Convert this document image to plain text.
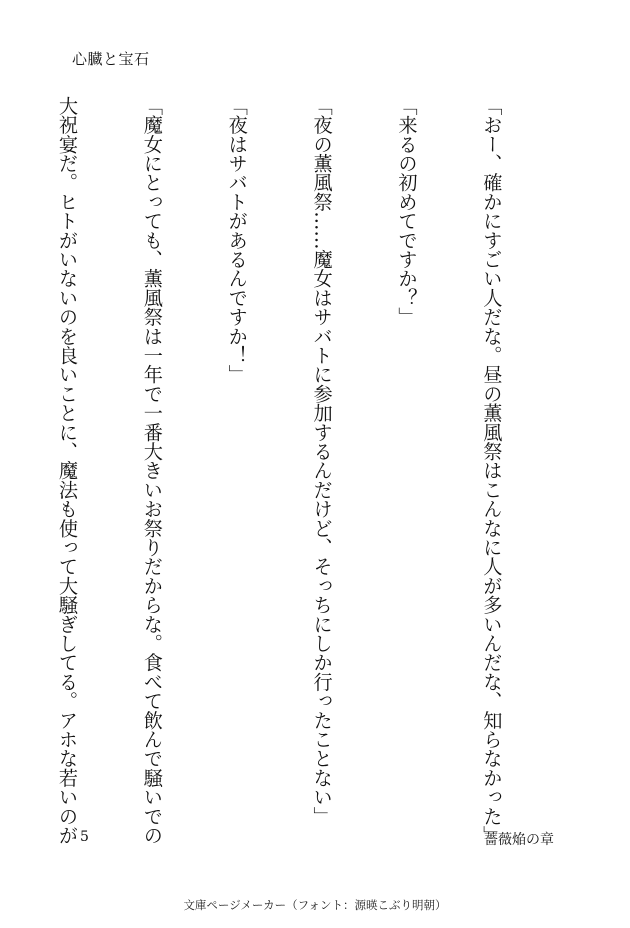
心臓と宝石

「おー、確かにすごい人だな。昼の薫風祭はこんなに人が多いんだな、知らなかった」

「来るの初めてですか？」

「夜の薫風祭……魔女はサバトに参加するんだけど、そっちにしか行ったことない」

「夜はサバトがあるんですか！」

「魔女にとっても、薫風祭は一年で一番大きいお祭りだからな。食べて飲んで騒いでの

大祝宴だ。ヒトがいないのを良いことに、魔法も使って大騒ぎしてる。アホな若いのが

5	薔薇焔の章
文庫ページメーカー（フォント：源暎こぶり明朝）
